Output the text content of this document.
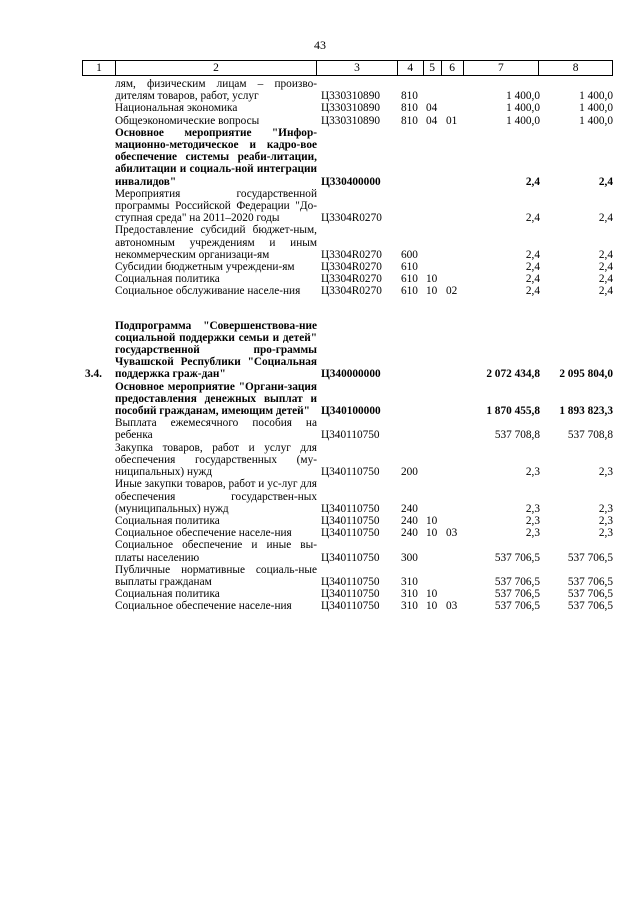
43
1	2	3	4	5	6	7	8
лям, физическим лицам – произво-дителям товаров, работ, услуг	Ц330310890	810	1 400,0	1 400,0
Национальная экономика	Ц330310890	810 04	1 400,0	1 400,0
Общеэкономические вопросы	Ц330310890	810 04 01	1 400,0	1 400,0
Основное мероприятие "Инфор-мационно-методическое и кадро-вое обеспечение системы реаби-литации, абилитации и социаль-ной интеграции инвалидов"	Ц330400000	2,4	2,4
Мероприятия государственной программы Российской Федерации "До-ступная среда" на 2011–2020 годы	Ц3304R0270	2,4	2,4
Предоставление субсидий бюджет-ным, автономным учреждениям и иным некоммерческим организаци-ям	Ц3304R0270	600	2,4	2,4
Субсидии бюджетным учреждени-ям	Ц3304R0270	610	2,4	2,4
Социальная политика	Ц3304R0270	610 10	2,4	2,4
Социальное обслуживание населе-ния	Ц3304R0270	610 10 02	2,4	2,4
3.4.
Подпрограмма "Совершенствова-ние социальной поддержки семьи и детей" государственной про-граммы Чувашской Республики "Социальная поддержка граж-дан"	Ц340000000	2 072 434,8	2 095 804,0
Основное мероприятие "Органи-зация предоставления денежных выплат и пособий гражданам, имеющим детей" Ц340100000	1 870 455,8	1 893 823,3
Выплата ежемесячного пособия на ребенка	Ц340110750	537 708,8	537 708,8
Закупка товаров, работ и услуг для обеспечения государственных (му-ниципальных) нужд	Ц340110750	200	2,3	2,3
Иные закупки товаров, работ и ус-луг для обеспечения государствен-ных (муниципальных) нужд	Ц340110750	240	2,3	2,3
Социальная политика	Ц340110750	240 10	2,3	2,3
Социальное обеспечение населе-ния	Ц340110750	240 10 03	2,3	2,3
Социальное обеспечение и иные вы-платы населению	Ц340110750	300	537 706,5	537 706,5
Публичные нормативные социаль-ные выплаты гражданам	Ц340110750	310	537 706,5	537 706,5
Социальная политика	Ц340110750	310 10	537 706,5	537 706,5
Социальное обеспечение населе-ния	Ц340110750	310 10 03	537 706,5	537 706,5
